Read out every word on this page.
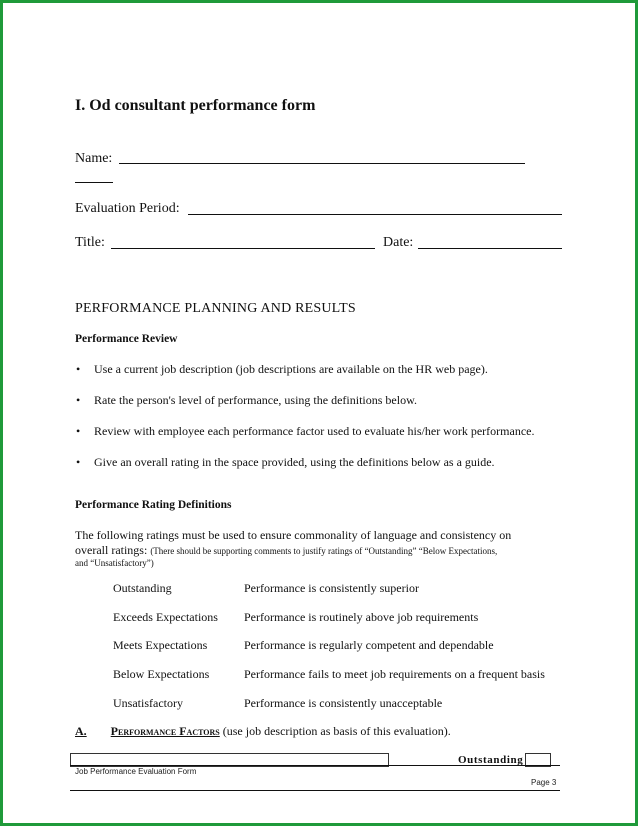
I. Od consultant performance form
Name:
Evaluation Period:
Title:	Date:
PERFORMANCE PLANNING AND RESULTS
Performance Review
• Use a current job description (job descriptions are available on the HR web page).
• Rate the person's level of performance, using the definitions below.
• Review with employee each performance factor used to evaluate his/her work performance.
• Give an overall rating in the space provided, using the definitions below as a guide.
Performance Rating Definitions
The following ratings must be used to ensure commonality of language and consistency on
overall ratings: (There should be supporting comments to justify ratings of “Outstanding” “Below Expectations,
and “Unsatisfactory”)
Outstanding	Performance is consistently superior
Exceeds Expectations Performance is routinely above job requirements
Meets Expectations	Performance is regularly competent and dependable
Below Expectations	Performance fails to meet job requirements on a frequent basis
Unsatisfactory	Performance is consistently unacceptable
A. Performance Factors (use job description as basis of this evaluation).
Outstanding
Job Performance Evaluation Form
Page 3
